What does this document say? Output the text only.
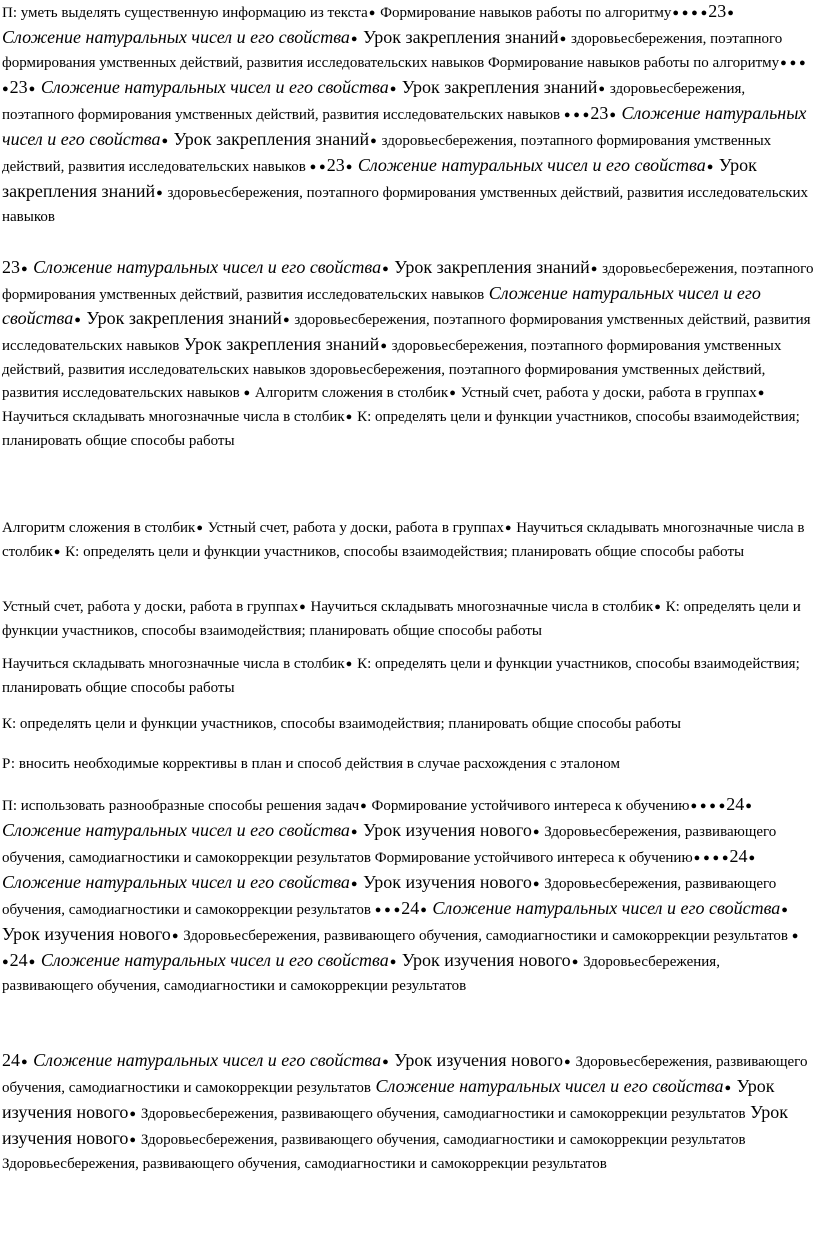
П: уметь выделять существенную информацию из текста● Формирование навыков работы по алгоритму● ● ● ●23● Сложение натуральных чисел и его свойства● Урок закрепления знаний● здоровьесбережения, поэтапного формирования умственных действий, развития исследовательских навыков Формирование навыков работы по алгоритму● ● ● ●23● Сложение натуральных чисел и его свойства● Урок закрепления знаний● здоровьесбережения, поэтапного формирования умственных действий, развития исследовательских навыков ● ● ●23● Сложение натуральных чисел и его свойства● Урок закрепления знаний● здоровьесбережения, поэтапного формирования умственных действий, развития исследовательских навыков ● ●23● Сложение натуральных чисел и его свойства● Урок закрепления знаний● здоровьесбережения, поэтапного формирования умственных действий, развития исследовательских навыков

23● Сложение натуральных чисел и его свойства● Урок закрепления знаний● здоровьесбережения, поэтапного формирования умственных действий, развития исследовательских навыков Сложение натуральных чисел и его свойства● Урок закрепления знаний● здоровьесбережения, поэтапного формирования умственных действий, развития исследовательских навыков Урок закрепления знаний● здоровьесбережения, поэтапного формирования умственных действий, развития исследовательских навыков здоровьесбережения, поэтапного формирования умственных действий, развития исследовательских навыков ● Алгоритм сложения в столбик● Устный счет, работа у доски, работа в группах● Научиться складывать многозначные числа в столбик● К: определять цели и функции участников, способы взаимодействия; планировать общие способы работы

Алгоритм сложения в столбик● Устный счет, работа у доски, работа в группах● Научиться складывать многозначные числа в столбик● К: определять цели и функции участников, способы взаимодействия; планировать общие способы работы

Устный счет, работа у доски, работа в группах● Научиться складывать многозначные числа в столбик● К: определять цели и функции участников, способы взаимодействия; планировать общие способы работы

Научиться складывать многозначные числа в столбик● К: определять цели и функции участников, способы взаимодействия; планировать общие способы работы

К: определять цели и функции участников, способы взаимодействия; планировать общие способы работы

Р: вносить необходимые коррективы в план и способ действия в случае расхождения с эталоном

П: использовать разнообразные способы решения задач● Формирование устойчивого интереса к обучению● ● ● ●24● Сложение натуральных чисел и его свойства● Урок изучения нового● Здоровьесбережения, развивающего обучения, самодиагностики и самокоррекции результатов Формирование устойчивого интереса к обучению● ● ● ●24● Сложение натуральных чисел и его свойства● Урок изучения нового● Здоровьесбережения, развивающего обучения, самодиагностики и самокоррекции результатов ● ● ●24● Сложение натуральных чисел и его свойства● Урок изучения нового● Здоровьесбережения, развивающего обучения, самодиагностики и самокоррекции результатов ● ●24● Сложение натуральных чисел и его свойства● Урок изучения нового● Здоровьесбережения, развивающего обучения, самодиагностики и самокоррекции результатов

24● Сложение натуральных чисел и его свойства● Урок изучения нового● Здоровьесбережения, развивающего обучения, самодиагностики и самокоррекции результатов Сложение натуральных чисел и его свойства● Урок изучения нового● Здоровьесбережения, развивающего обучения, самодиагностики и самокоррекции результатов Урок изучения нового● Здоровьесбережения, развивающего обучения, самодиагностики и самокоррекции результатов Здоровьесбережения, развивающего обучения, самодиагностики и самокоррекции результатов
